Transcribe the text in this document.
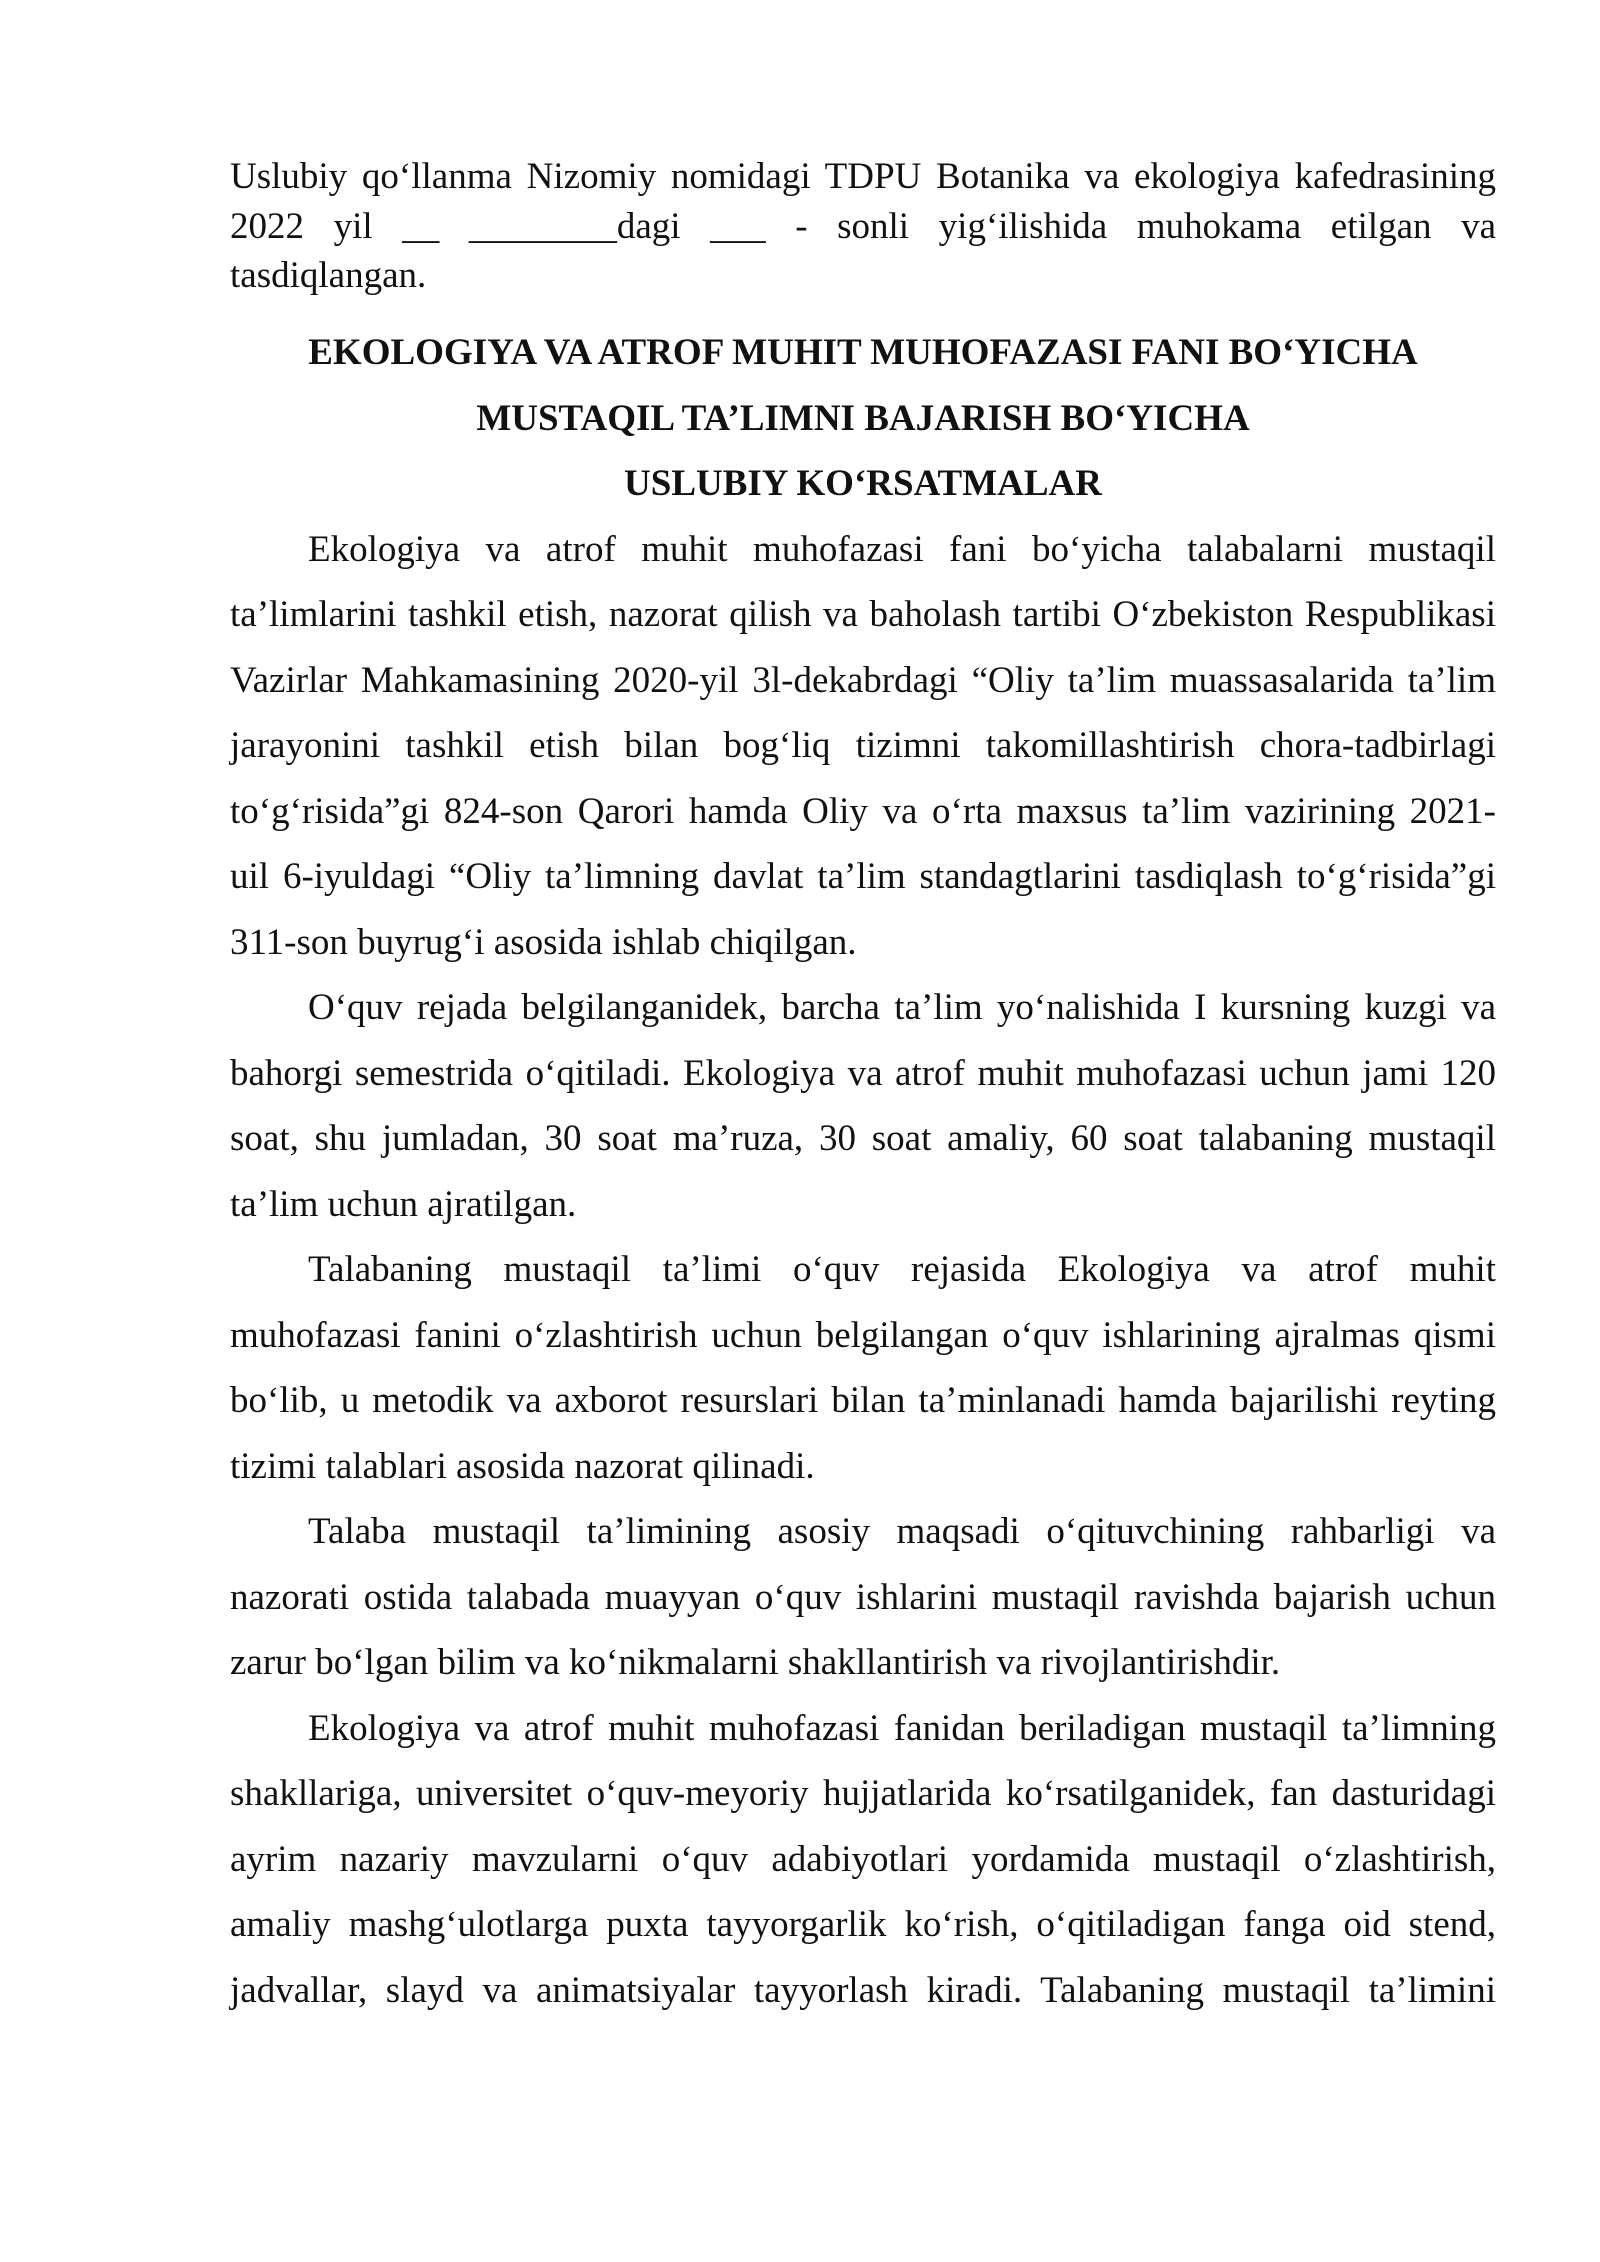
Uslubiy qo‘llanma Nizomiy nomidagi TDPU Botanika va ekologiya kafedrasining
2022 yil __ ________dagi ___ - sonli yig‘ilishida muhokama etilgan va
tasdiqlangan.
EKOLOGIYA VA ATROF MUHIT MUHOFAZASI FANI BO‘YICHA
MUSTAQIL TA’LIMNI BAJARISH BO‘YICHA
USLUBIY KO‘RSATMALAR
Ekologiya va atrof muhit muhofazasi fani bo‘yicha talabalarni mustaqil
ta’limlarini tashkil etish, nazorat qilish va baholash tartibi O‘zbekiston Respublikasi
Vazirlar Mahkamasining 2020-yil 3l-dekabrdagi “Oliy ta’lim muassasalarida ta’lim
jarayonini tashkil etish bilan bog‘liq tizimni takomillashtirish chora-tadbirlagi
to‘g‘risida”gi 824-son Qarori hamda Oliy va o‘rta maxsus ta’lim vazirining 2021-
uil 6-iyuldagi “Oliy ta’limning davlat ta’lim standagtlarini tasdiqlash to‘g‘risida”gi
311-son buyrug‘i asosida ishlab chiqilgan.
O‘quv rejada belgilanganidek, barcha ta’lim yo‘nalishida I kursning kuzgi va
bahorgi semestrida o‘qitiladi. Ekologiya va atrof muhit muhofazasi uchun jami 120
soat, shu jumladan, 30 soat ma’ruza, 30 soat amaliy, 60 soat talabaning mustaqil
ta’lim uchun ajratilgan.
Talabaning mustaqil ta’limi o‘quv rejasida Ekologiya va atrof muhit
muhofazasi fanini o‘zlashtirish uchun belgilangan o‘quv ishlarining ajralmas qismi
bo‘lib, u metodik va axborot resurslari bilan ta’minlanadi hamda bajarilishi reyting
tizimi talablari asosida nazorat qilinadi.
Talaba mustaqil ta’limining asosiy maqsadi o‘qituvchining rahbarligi va
nazorati ostida talabada muayyan o‘quv ishlarini mustaqil ravishda bajarish uchun
zarur bo‘lgan bilim va ko‘nikmalarni shakllantirish va rivojlantirishdir.
Ekologiya va atrof muhit muhofazasi fanidan beriladigan mustaqil ta’limning
shakllariga, universitet o‘quv-meyoriy hujjatlarida ko‘rsatilganidek, fan dasturidagi
ayrim nazariy mavzularni o‘quv adabiyotlari yordamida mustaqil o‘zlashtirish,
amaliy mashg‘ulotlarga puxta tayyorgarlik ko‘rish, o‘qitiladigan fanga oid stend,
jadvallar, slayd va animatsiyalar tayyorlash kiradi. Talabaning mustaqil ta’limini
